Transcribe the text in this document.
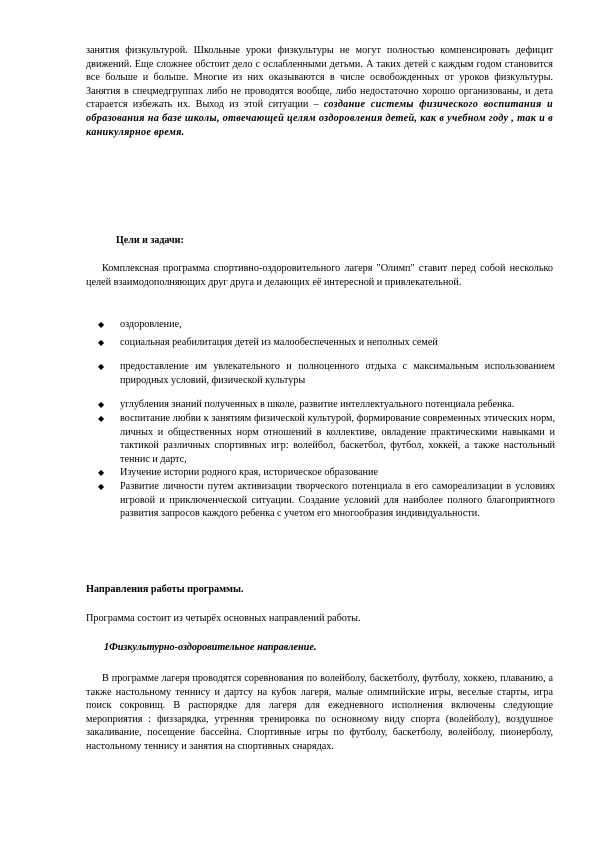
занятия физкультурой. Школьные уроки физкультуры не могут полностью компенсировать дефицит движений. Еще сложнее обстоит дело с ослабленными детьми. А таких детей с каждым годом становится все больше и больше. Многие из них оказываются в числе освобожденных от уроков физкультуры. Занятия в спецмедгруппах либо не проводятся вообще, либо недостаточно хорошо организованы, и дета старается избежать их. Выход из этой ситуации – создание системы физического воспитания и образования на базе школы, отвечающей целям оздоровления детей, как в учебном году , так и в каникулярное время.

Цели и задачи:

Комплексная программа спортивно-оздоровительного лагеря "Олимп" ставит перед собой несколько целей взаимодополняющих друг друга и делающих её интересной и привлекательной.

◆ оздоровление,
◆ социальная реабилитация детей из малообеспеченных и неполных семей
◆ предоставление им увлекательного и полноценного отдыха с максимальным использованием природных условий, физической культуры
◆ углубления знаний полученных в школе, развитие интеллектуального потенциала ребенка.
◆ воспитание любви к занятиям физической культурой, формирование современных этических норм, личных и общественных норм отношений в коллективе, овладение практическими навыками и тактикой различных спортивных игр: волейбол, баскетбол, футбол, хоккей, а также настольный теннис и дартс,
◆ Изучение истории родного края, историческое образование
◆ Развитие личности путем активизации творческого потенциала в его самореализации в условиях игровой и приключенческой ситуации. Создание условий для наиболее полного благоприятного развития запросов каждого ребенка с учетом его многообразия индивидуальности.

Направления работы программы.

Программа состоит из четырёх основных направлений работы.

1Физкультурно-оздоровительное направление.

В программе лагеря проводятся соревнования по волейболу, баскетболу, футболу, хоккею, плаванию, а также настольному теннису и дартсу на кубок лагеря, малые олимпийские игры, веселые старты, игра поиск сокровищ. В распорядке для лагеря для ежедневного исполнения включены следующие мероприятия : физзарядка, утренняя тренировка по основному виду спорта (волейболу), воздушное закаливание, посещение бассейна. Спортивные игры по футболу, баскетболу, волейболу, пионерболу, настольному теннису и занятия на спортивных снарядах.
